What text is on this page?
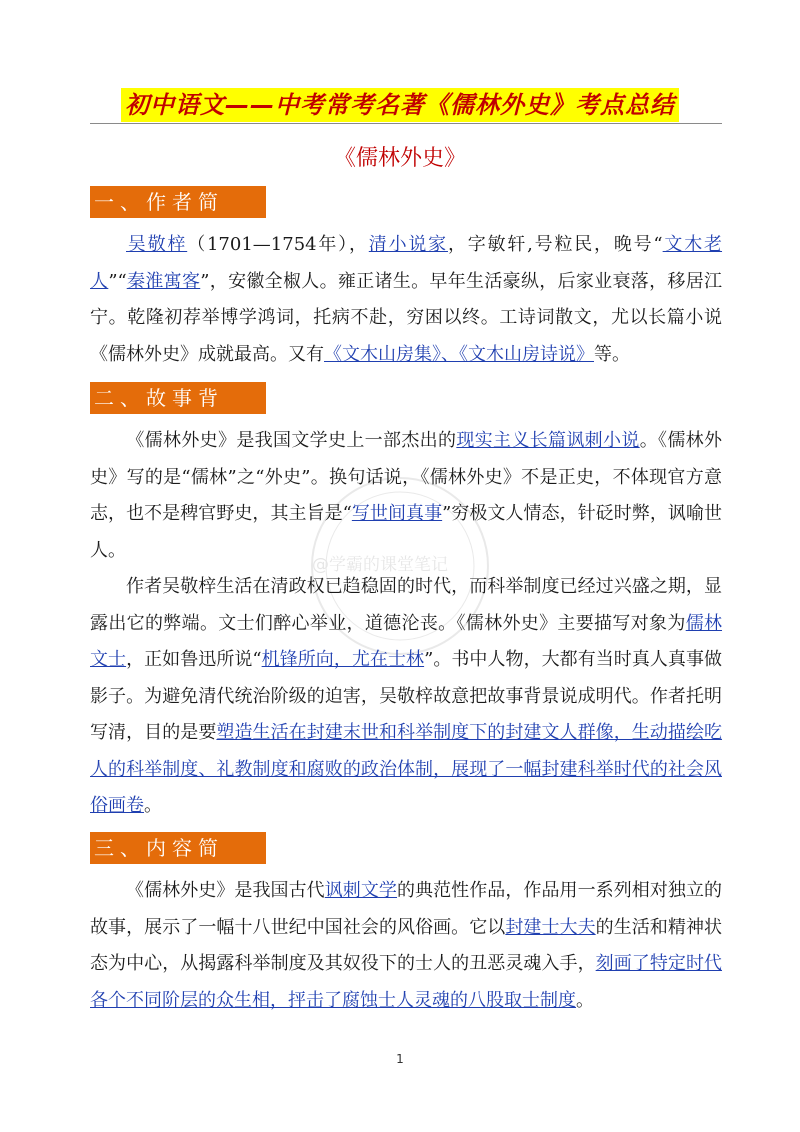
初中语文——中考常考名著《儒林外史》考点总结
《儒林外史》
@学霸的课堂笔记
一、作者简介：

吴敬梓（1701—1754年），清小说家，字敏轩,号粒民，晚号“文木老人”“秦淮寓客”，安徽全椒人。雍正诸生。早年生活豪纵，后家业衰落，移居江宁。乾隆初荐举博学鸿词，托病不赴，穷困以终。工诗词散文，尤以长篇小说《儒林外史》成就最高。又有《文木山房集》、《文木山房诗说》等。

二、故事背景：

《儒林外史》是我国文学史上一部杰出的现实主义长篇讽刺小说。《儒林外史》写的是“儒林”之“外史”。换句话说，《儒林外史》不是正史，不体现官方意志，也不是稗官野史，其主旨是“写世间真事”穷极文人情态，针砭时弊，讽喻世人。

作者吴敬梓生活在清政权已趋稳固的时代，而科举制度已经过兴盛之期，显露出它的弊端。文士们醉心举业，道德沦丧。《儒林外史》主要描写对象为儒林文士，正如鲁迅所说“机锋所向，尤在士林”。书中人物，大都有当时真人真事做影子。为避免清代统治阶级的迫害，吴敬梓故意把故事背景说成明代。作者托明写清，目的是要塑造生活在封建末世和科举制度下的封建文人群像，生动描绘吃人的科举制度、礼教制度和腐败的政治体制，展现了一幅封建科举时代的社会风俗画卷。

三、内容简介：

《儒林外史》是我国古代讽刺文学的典范性作品，作品用一系列相对独立的故事，展示了一幅十八世纪中国社会的风俗画。它以封建士大夫的生活和精神状态为中心，从揭露科举制度及其奴役下的士人的丑恶灵魂入手，刻画了特定时代各个不同阶层的众生相，抨击了腐蚀士人灵魂的八股取士制度。

1
